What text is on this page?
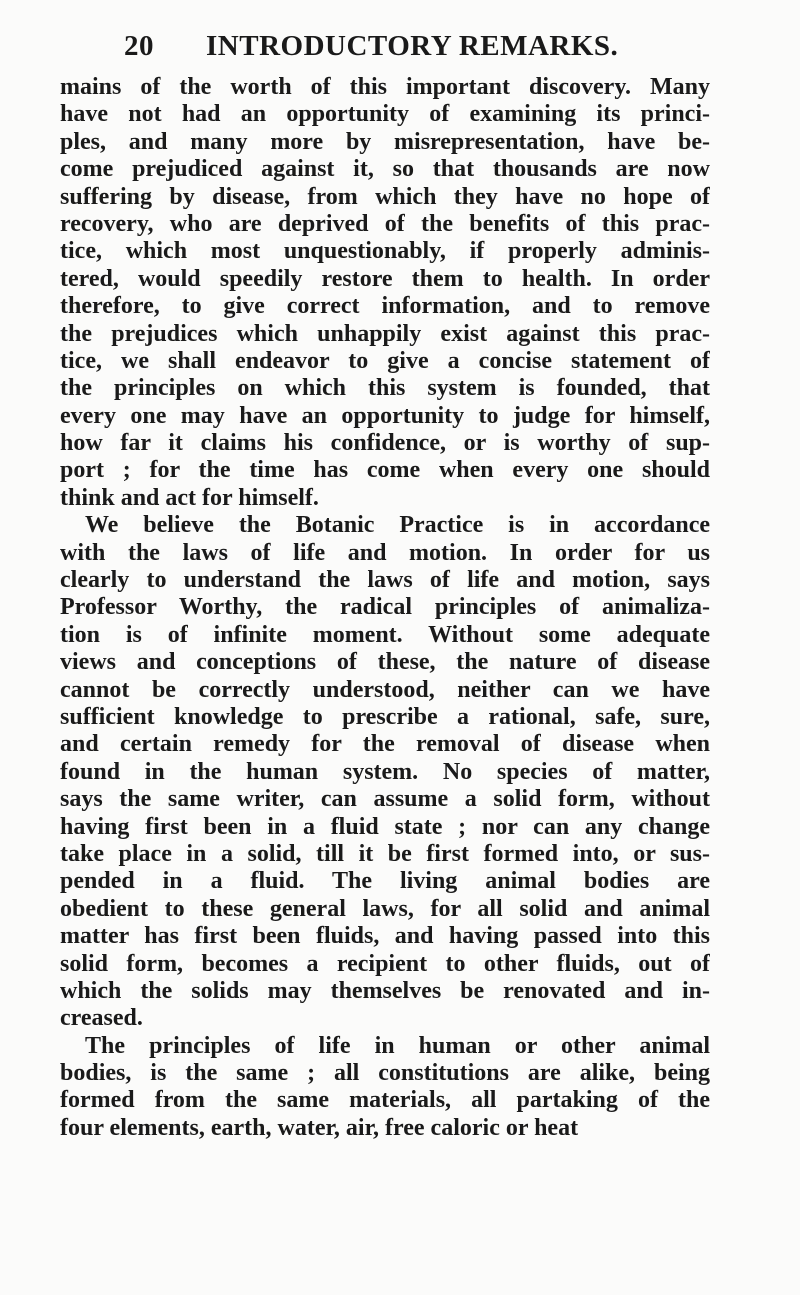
20 INTRODUCTORY REMARKS.
mains of the worth of this important discovery. Many
have not had an opportunity of examining its princi-
ples, and many more by misrepresentation, have be-
come prejudiced against it, so that thousands are now
suffering by disease, from which they have no hope of
recovery, who are deprived of the benefits of this prac-
tice, which most unquestionably, if properly adminis-
tered, would speedily restore them to health. In order
therefore, to give correct information, and to remove
the prejudices which unhappily exist against this prac-
tice, we shall endeavor to give a concise statement of
the principles on which this system is founded, that
every one may have an opportunity to judge for himself,
how far it claims his confidence, or is worthy of sup-
port ; for the time has come when every one should
think and act for himself.
We believe the Botanic Practice is in accordance
with the laws of life and motion. In order for us
clearly to understand the laws of life and motion, says
Professor Worthy, the radical principles of animaliza-
tion is of infinite moment. Without some adequate
views and conceptions of these, the nature of disease
cannot be correctly understood, neither can we have
sufficient knowledge to prescribe a rational, safe, sure,
and certain remedy for the removal of disease when
found in the human system. No species of matter,
says the same writer, can assume a solid form, without
having first been in a fluid state ; nor can any change
take place in a solid, till it be first formed into, or sus-
pended in a fluid. The living animal bodies are
obedient to these general laws, for all solid and animal
matter has first been fluids, and having passed into this
solid form, becomes a recipient to other fluids, out of
which the solids may themselves be renovated and in-
creased.
The principles of life in human or other animal
bodies, is the same ; all constitutions are alike, being
formed from the same materials, all partaking of the
four elements, earth, water, air, free caloric or heat
